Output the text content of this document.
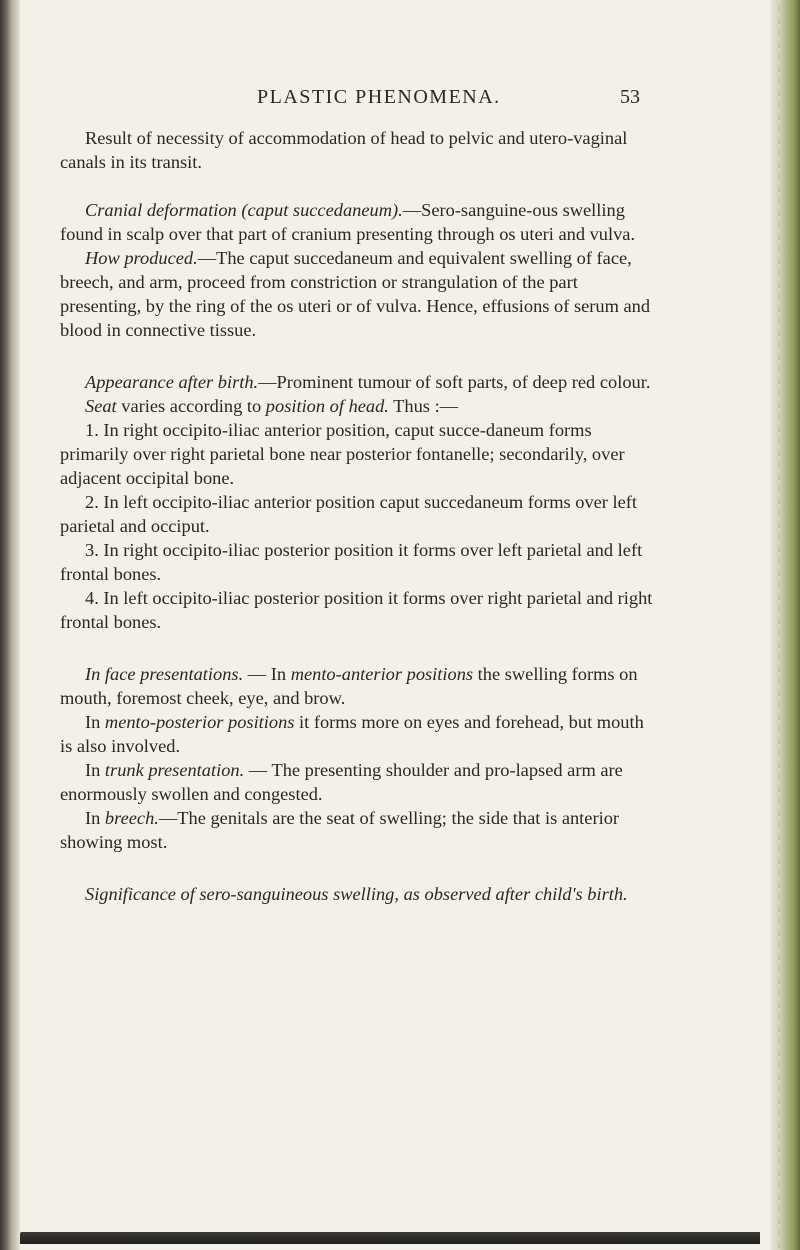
PLASTIC PHENOMENA.	53

Result of necessity of accommodation of head to pelvic and utero-vaginal canals in its transit.

Cranial deformation (caput succedaneum).—Sero-sanguine-ous swelling found in scalp over that part of cranium presenting through os uteri and vulva.

How produced.—The caput succedaneum and equivalent swelling of face, breech, and arm, proceed from constriction or strangulation of the part presenting, by the ring of the os uteri or of vulva. Hence, effusions of serum and blood in connective tissue.

Appearance after birth.—Prominent tumour of soft parts, of deep red colour.

Seat varies according to position of head. Thus :—

1. In right occipito-iliac anterior position, caput succe-daneum forms primarily over right parietal bone near posterior fontanelle; secondarily, over adjacent occipital bone.

2. In left occipito-iliac anterior position caput succedaneum forms over left parietal and occiput.

3. In right occipito-iliac posterior position it forms over left parietal and left frontal bones.

4. In left occipito-iliac posterior position it forms over right parietal and right frontal bones.

In face presentations. — In mento-anterior positions the swelling forms on mouth, foremost cheek, eye, and brow.

In mento-posterior positions it forms more on eyes and forehead, but mouth is also involved.

In trunk presentation. — The presenting shoulder and pro-lapsed arm are enormously swollen and congested.

In breech.—The genitals are the seat of swelling; the side that is anterior showing most.

Significance of sero-sanguineous swelling, as observed after child's birth.
